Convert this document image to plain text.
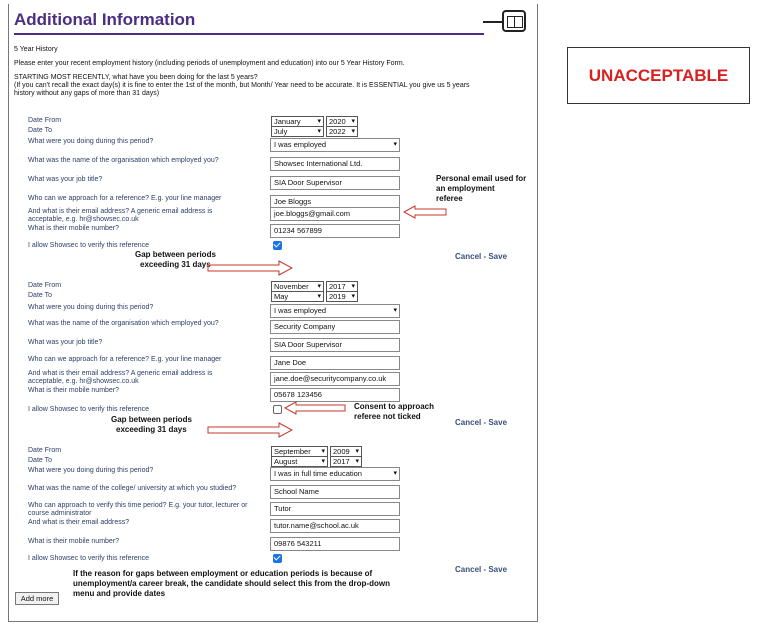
Additional Information
5 Year History
Please enter your recent employment history (including periods of unemployment and education) into our 5 Year History Form.
STARTING MOST RECENTLY, what have you been doing for the last 5 years?
(If you can't recall the exact day(s) it is fine to enter the 1st of the month, but Month/ Year need to be accurate. It is ESSENTIAL you give us 5 years
history without any gaps of more than 31 days)
Date From	January ▾	2020 ▾
Date To	July	▾	2022 ▾
What were you doing during this period?	I was employed	▾
What was the name of the organisation which employed you?	Showsec International Ltd.
What was your job title?	SIA Door Supervisor
Who can we approach for a reference? E.g. your line manager	Joe Bloggs
And what is their email address? A generic email address is
acceptable, e.g. hr@showsec.co.uk
joe.bloggs@gmail.com
What is their mobile number?	01234 567899
I allow Showsec to verify this reference
Cancel - Save
Personal email used for
an employment
referee
Gap between periods
exceeding 31 days
Date From	November ▾	2017 ▾
Date To	May	▾	2019 ▾
What were you doing during this period?	I was employed	▾
What was the name of the organisation which employed you?	Security Company
What was your job title?	SIA Door Supervisor
Who can we approach for a reference? E.g. your line manager	Jane Doe
And what is their email address? A generic email address is
acceptable, e.g. hr@showsec.co.uk	jane.doe@securitycompany.co.uk
What is their mobile number?	05678 123456
I allow Showsec to verify this reference
Cancel - Save
Consent to approach
referee not ticked
Gap between periods
exceeding 31 days
Date From	September ▾	2009 ▾
Date To	August	▾	2017 ▾
What were you doing during this period?	I was in full time education	▾
What was the name of the college/ university at which you studied?	School Name
Who can approach to verify this time period? E.g. your tutor, lecturer or
course administrator
Tutor
And what is their email address?	tutor.name@school.ac.uk
What is their mobile number?	09876 543211
I allow Showsec to verify this reference
Cancel - Save
If the reason for gaps between employment or education periods is because of
unemployment/a career break, the candidate should select this from the drop-down
menu and provide dates
Add more
UNACCEPTABLE
